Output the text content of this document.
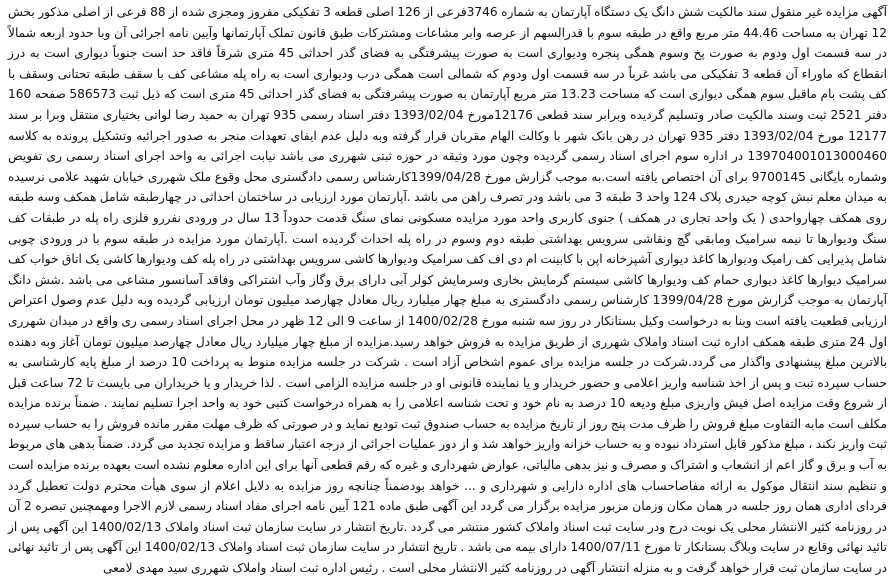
آگهی مزایده غیر منقول سند مالکیت شش دانگ یک دستگاه آپارتمان به شماره 3746فرعی از 126 اصلی قطعه 3 تفکیکی مفروز ومجزی شده از 88 فرعی از اصلی مذکور بخش 12 تهران به مساحت 44.46 متر مربع واقع در طبقه سوم با قدرالسهم از عرصه وابر مشاعات ومشترکات طبق قانون تملک آپارتمانها وآیین نامه اجرائی آن وبا حدود اربعه شمالاً در سه قسمت اول ودوم به صورت پخ وسوم همگی پنجره ودیواری است به صورت پیشرفتگی به فضای گذر احداثی 45 متری شرقاً فاقد حد است جنوباً دیواری است به درز انقطاع که ماوراء آن قطعه 3 تفکیکی می باشد غرباً در سه قسمت اول ودوم که شمالی است همگی درب ودیواری است به راه پله مشاعی کف با سقف طبقه تحتانی وسقف با کف پشت بام ماقبل سوم همگی دیواری است که مساحت 13.23 متر مربع آپارتمان به صورت پیشرفتگی به فضای گذر احداثی 45 متری است که ذیل ثبت 586573 صفحه 160 دفتر 2521 ثبت وسند مالکیت صادر وتسلیم گردیده وبرابر سند قطعی 12176مورخ 1393/02/04 دفتر اسناد رسمی 935 تهران به حمید رضا لواتی بختیاری منتقل وبرا بر سند 12177 مورخ 1393/02/04 دفتر 935 تهران در رهن بانک شهر با وکالت الهام مقربان قرار گرفته وبه دلیل عدم ایفای تعهدات منجر به صدور اجرائیه وتشکیل پرونده به کلاسه 139704001013000460 در اداره سوم اجرای اسناد رسمی گردیده وچون مورد وثیقه در حوزه ثبتی شهرری می باشد نیابت اجرائی به واحد اجرای اسناد رسمی ری تفویض وشماره بایگانی 9700145 برای آن اختصاص یافته است.به موجب گزارش مورخ 1399/04/28کارشناس رسمی دادگستری محل وقوع ملک شهرری خیابان شهید علامی نرسیده به میدان معلم نبش کوچه حیدری پلاک 124 واحد 3 طبقه 3 می باشد ودر تصرف راهن می باشد .آپارتمان مورد ارزیابی در ساختمان احداثی در چهارطبقه شامل همکف وسه طبقه روی همکف چهارواحدی ( یک واحد تجاری در همکف ) جنوی کاربری واحد مورد مزایده مسکونی نمای سنگ قدمت حدوداً 13 سال در ورودی نفررو فلزی راه پله در طبقات کف سنگ ودیوارها تا نیمه سرامیک ومابقی گچ ونقاشی سرویس بهداشتی طبقه دوم وسوم در راه پله احداث گردیده است .آپارتمان مورد مزایده در طبقه سوم با در ورودی چوبی شامل پذیرایی کف رامیک ودیوارها کاغذ دیواری آشپزخانه اپن با کابینت ام دی اف کف سرامیک ودیوارها کاشی سرویس بهداشتی در راه پله کف ودیوارها کاشی یک اتاق خواب کف سرامیک دیوارها کاغذ دیواری حمام کف ودیوارها کاشی سیستم گرمایش بخاری وسرمایش کولر آبی دارای برق وگاز وآب اشتراکی وفاقد آسانسور مشاعی می باشد .شش دانگ آپارتمان به موجب گزارش مورخ 1399/04/28 کارشناس رسمی دادگستری به مبلغ چهار میلیارد ریال معادل چهارصد میلیون تومان ارزیابی گردیده وبه دلیل عدم وصول اعتراض ارزیابی قطعیت یافته است وبنا به درخواست وکیل بستانکار در روز سه شنبه مورخ 1400/02/28 از ساعت 9 الی 12 ظهر در محل اجرای اسناد رسمی ری واقع در میدان شهرری اول 24 متری طبقه همکف اداره ثبت اسناد واملاک شهرری از طریق مزایده به فروش خواهد رسید.مزایده از مبلغ چهار میلیارد ریال معادل چهارصد میلیون تومان آغاز وبه دهنده بالاترین مبلغ پیشنهادی واگذار می گردد.شرکت در جلسه مزایده برای عموم اشخاص آزاد است . شرکت در جلسه مزایده منوط به پرداخت 10 درصد از مبلغ پایه کارشناسی به حساب سپرده ثبت و پس از اخذ شناسه واریز اعلامی و حضور خریدار و یا نماینده قانونی او در جلسه مزایده الزامی است . لذا خریدار و یا خریداران می بایست تا 72 ساعت قبل از شروع وقت مزایده اصل فیش واریزی مبلغ ودیعه 10 درصد به نام خود و تحت شناسه اعلامی را به همراه درخواست کتبی خود به واحد اجرا تسلیم نمایند . ضمناً برنده مزایده مکلف است مابه التفاوت مبلغ فروش را ظرف مدت پنج روز از تاریخ مزایده به حساب صندوق ثبت تودیع نماید و در صورتی که ظرف مهلت مقرر مانده فروش را به حساب سپرده ثبت واریز نکند ، مبلغ مذکور قابل استرداد نبوده و به حساب خزانه واریز خواهد شد و از دور عملیات اجرائی از درجه اعتبار ساقط و مزایده تجدید می گردد. ضمناً بدهی های مربوط به آب و برق و گاز اعم از انشعاب و اشتراک و مصرف و نیز بدهی مالیاتی، عوارض شهرداری و غیره که رقم قطعی آنها برای این اداره معلوم نشده است بعهده برنده مزایده است و تنظیم سند انتقال موکول به ارائه مفاصاحساب های اداره دارایی و شهرداری و ... خواهد بودضمناً چنانچه روز مزایده به دلایل اعلام از سوی هیأت محترم دولت تعطیل گردد فردای اداری همان روز جلسه در همان مکان وزمان مزبور مزایده برگزار می گردد این آگهی طبق ماده 121 آیین نامه اجرای مفاد اسناد رسمی لازم الاجرا ومهمچنین تبصره 2 آن در روزنامه کثیر الانتشار محلی یک نوبت درج ودر سایت ثبت اسناد واملاک کشور منتشر می گردد .تاریخ انتشار در سایت سازمان ثبت اسناد واملاک 1400/02/13 این آگهی پس از تائید نهائی وقایع در سایت وبلاگ بستانکار تا مورخ 1400/07/11 دارای بیمه می باشد . تاریخ انتشار در سایت سازمان ثبت اسناد واملاک 1400/02/13 این آگهی پس از تائید نهائی در سایت سازمان ثبت قرار خواهد گرفت و به منزله انتشار آگهی در روزنامه کثیر الانتشار محلی است . رئیس اداره ثبت اسناد واملاک شهرری سید مهدی لامعی
